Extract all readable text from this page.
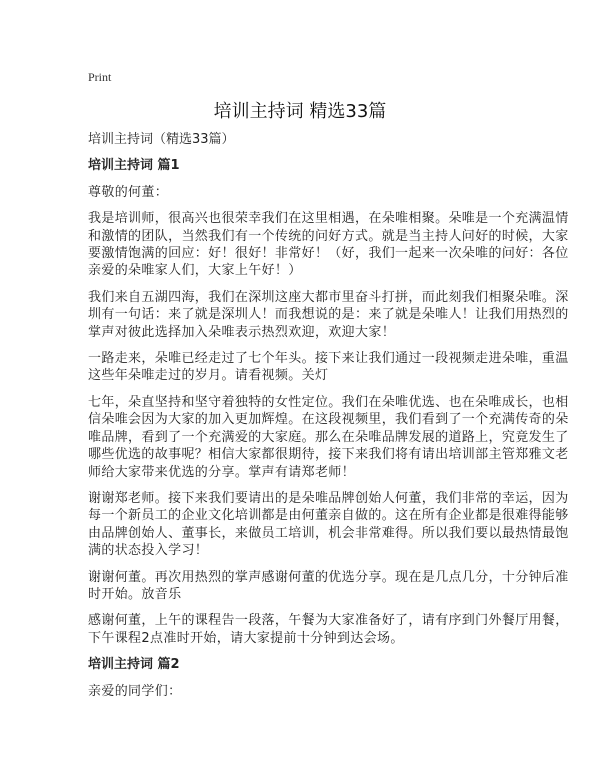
Print
培训主持词 精选33篇

培训主持词（精选33篇）

培训主持词 篇1

尊敬的何董：

我是培训师，很高兴也很荣幸我们在这里相遇，在朵唯相聚。朵唯是一个充满温情
和激情的团队，当然我们有一个传统的问好方式。就是当主持人问好的时候，大家
要激情饱满的回应：好！很好！非常好！（好，我们一起来一次朵唯的问好：各位
亲爱的朵唯家人们，大家上午好！）

我们来自五湖四海，我们在深圳这座大都市里奋斗打拼，而此刻我们相聚朵唯。深
圳有一句话：来了就是深圳人！而我想说的是：来了就是朵唯人！让我们用热烈的
掌声对彼此选择加入朵唯表示热烈欢迎，欢迎大家！

一路走来，朵唯已经走过了七个年头。接下来让我们通过一段视频走进朵唯，重温
这些年朵唯走过的岁月。请看视频。关灯

七年，朵直坚持和坚守着独特的女性定位。我们在朵唯优选、也在朵唯成长，也相
信朵唯会因为大家的加入更加辉煌。在这段视频里，我们看到了一个充满传奇的朵
唯品牌，看到了一个充满爱的大家庭。那么在朵唯品牌发展的道路上，究竟发生了
哪些优选的故事呢？相信大家都很期待，接下来我们将有请出培训部主管郑雅文老
师给大家带来优选的分享。掌声有请郑老师！

谢谢郑老师。接下来我们要请出的是朵唯品牌创始人何董，我们非常的幸运，因为
每一个新员工的企业文化培训都是由何董亲自做的。这在所有企业都是很难得能够
由品牌创始人、董事长，来做员工培训，机会非常难得。所以我们要以最热情最饱
满的状态投入学习！

谢谢何董。再次用热烈的掌声感谢何董的优选分享。现在是几点几分，十分钟后准
时开始。放音乐

感谢何董，上午的课程告一段落，午餐为大家准备好了，请有序到门外餐厅用餐，
下午课程2点准时开始，请大家提前十分钟到达会场。

培训主持词 篇2

亲爱的同学们：
